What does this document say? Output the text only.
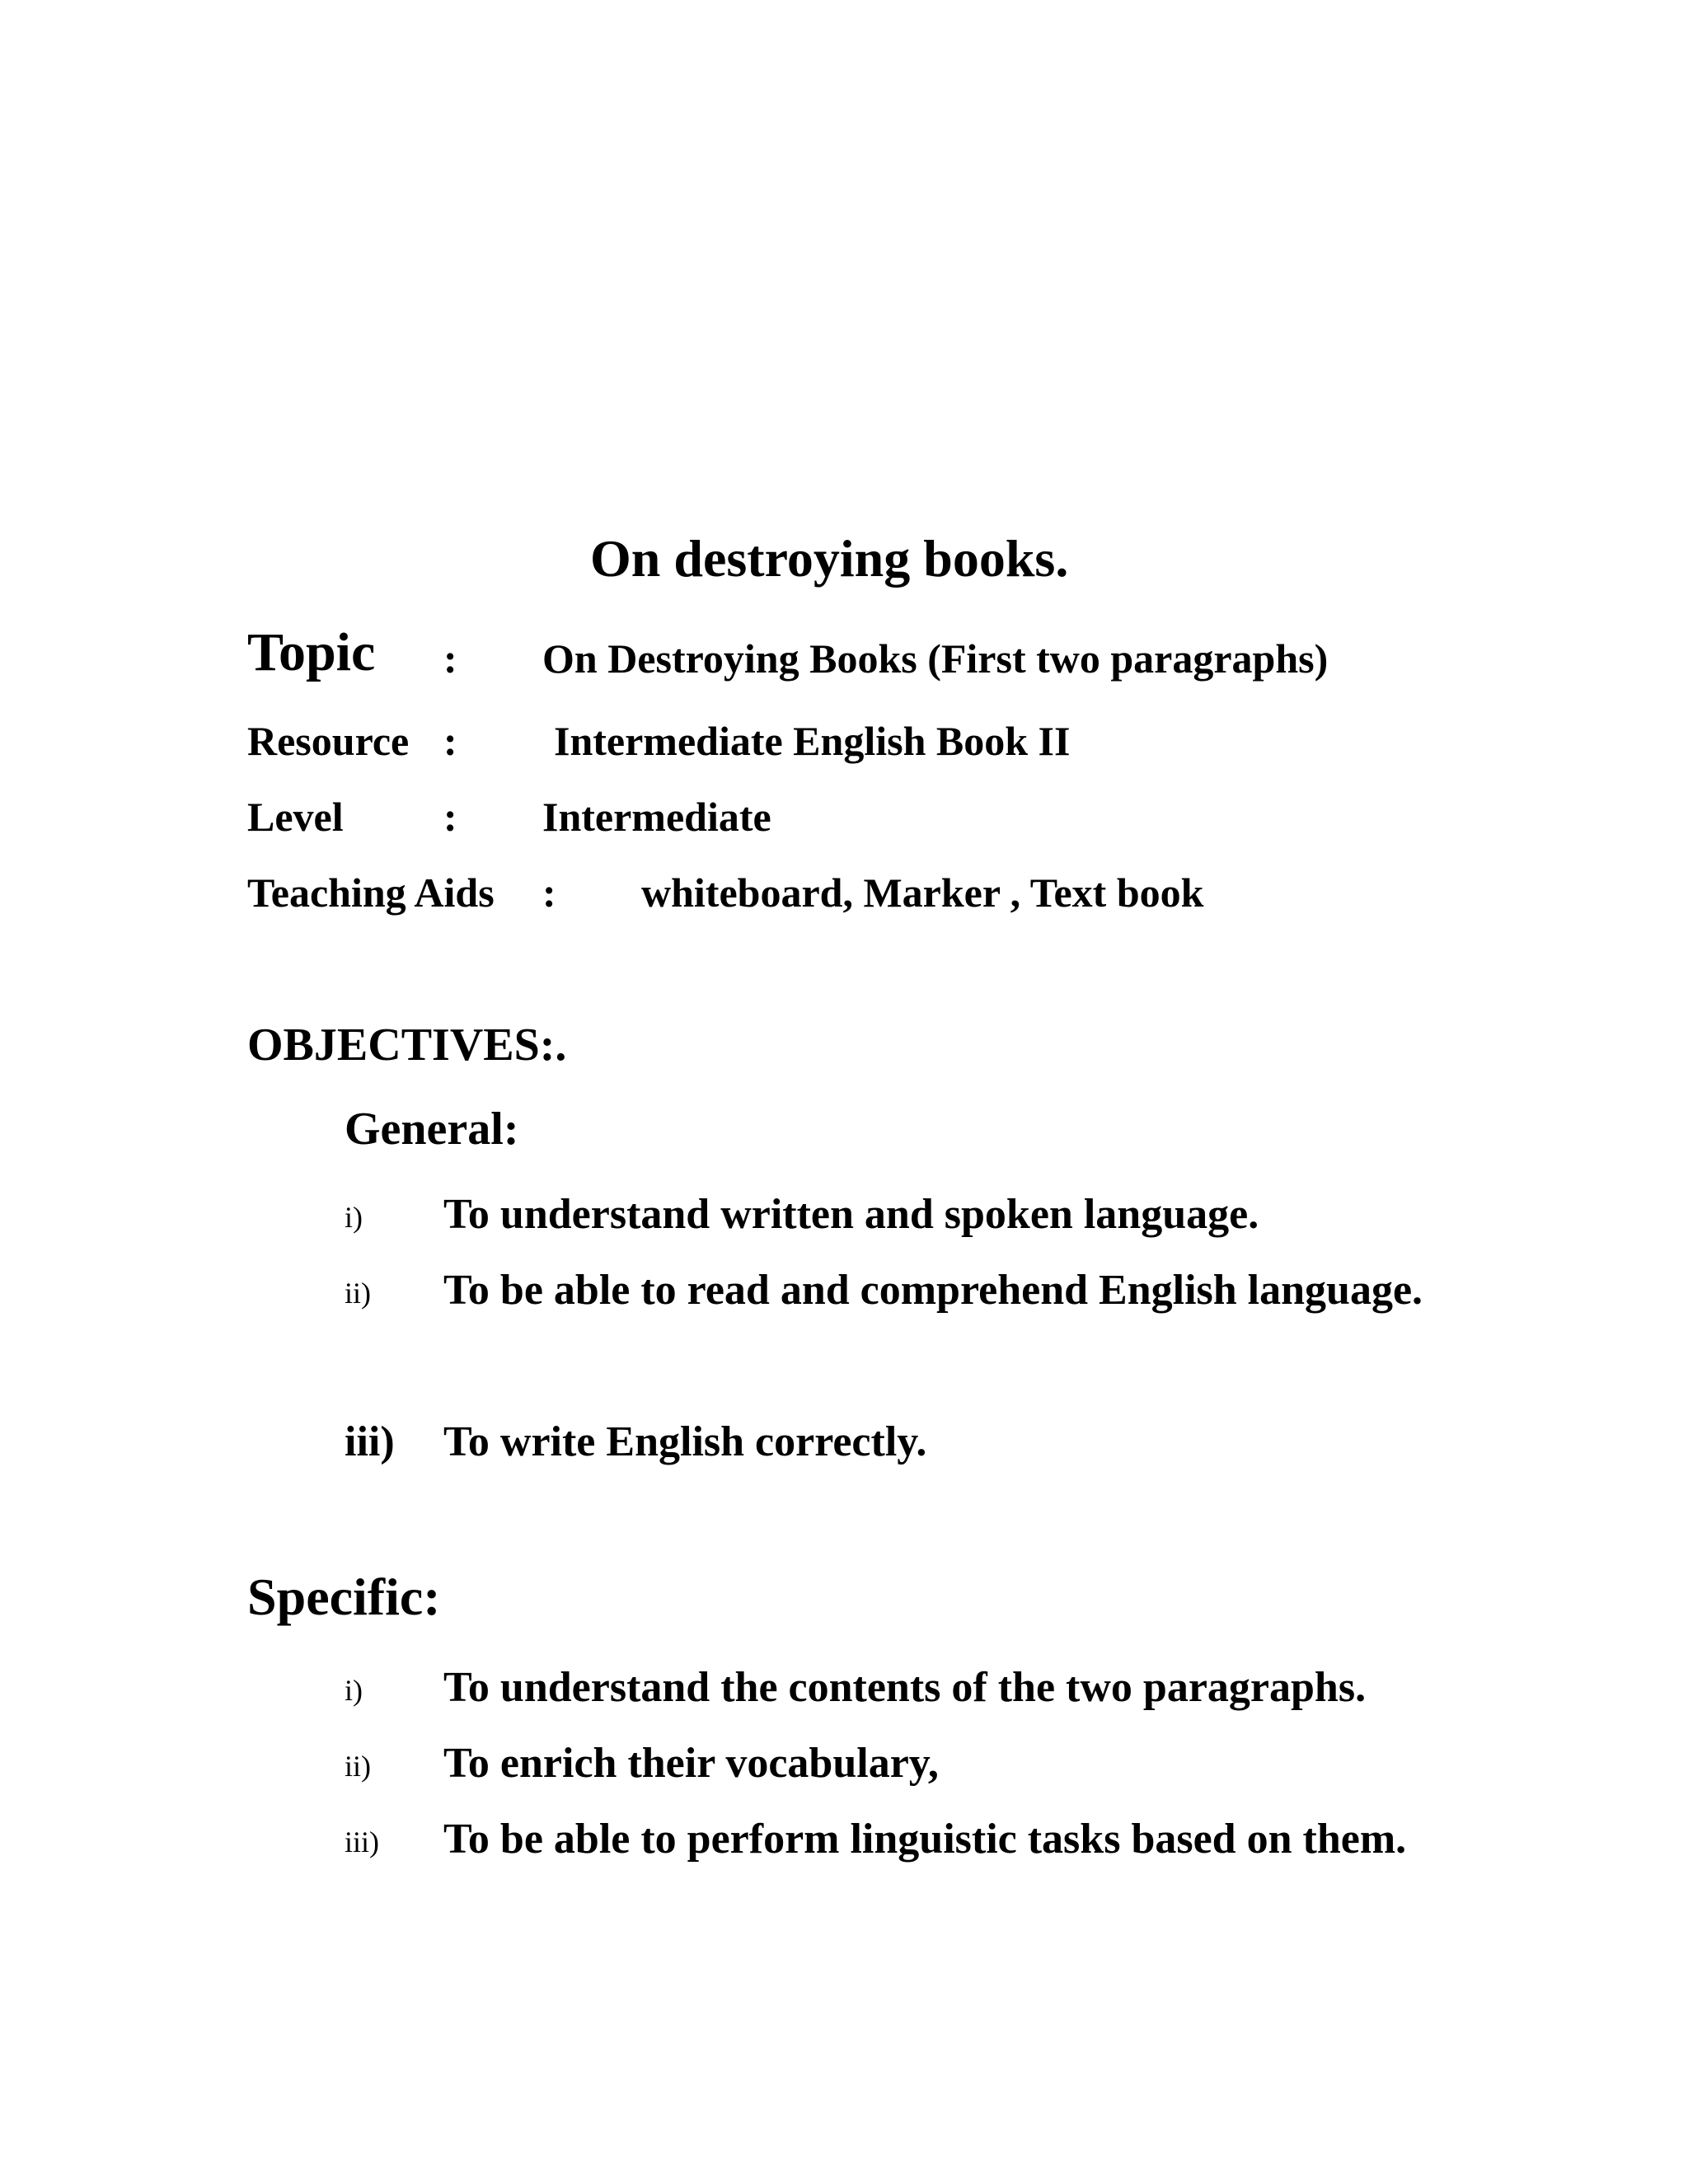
On destroying books.
Topic : On Destroying Books (First two paragraphs)
Resource : Intermediate English Book II
Level : Intermediate
Teaching Aids : whiteboard, Marker , Text book
OBJECTIVES:.
General:
i) To understand written and spoken language.
ii) To be able to read and comprehend English language.
iii) To write English correctly.
Specific:
i) To understand the contents of the two paragraphs.
ii) To enrich their vocabulary,
iii) To be able to perform linguistic tasks based on them.
